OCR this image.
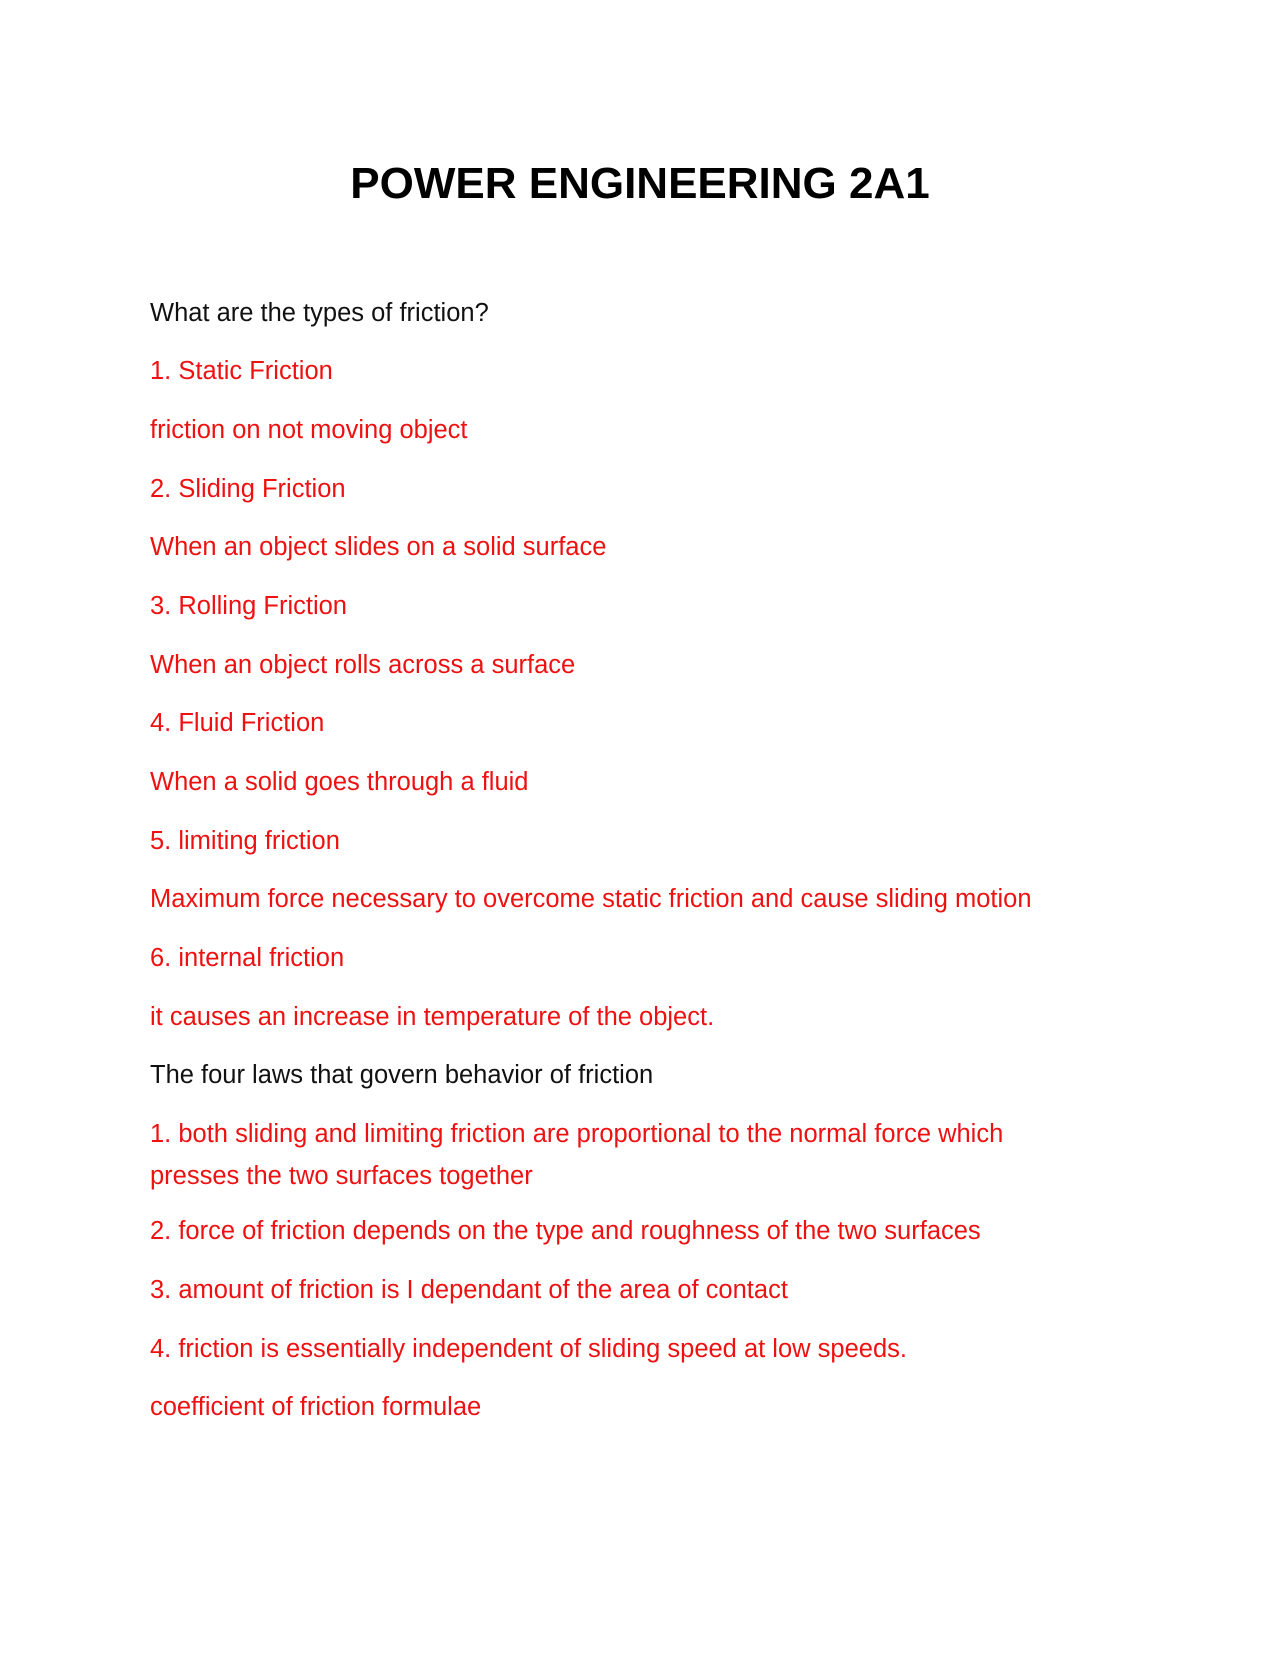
POWER ENGINEERING 2A1
What are the types of friction?
1. Static Friction
friction on not moving object
2. Sliding Friction
When an object slides on a solid surface
3. Rolling Friction
When an object rolls across a surface
4. Fluid Friction
When a solid goes through a fluid
5. limiting friction
Maximum force necessary to overcome static friction and cause sliding motion
6. internal friction
it causes an increase in temperature of the object.
The four laws that govern behavior of friction
1. both sliding and limiting friction are proportional to the normal force which presses the two surfaces together
2. force of friction depends on the type and roughness of the two surfaces
3. amount of friction is I dependant of the area of contact
4. friction is essentially independent of sliding speed at low speeds.
coefficient of friction formulae
